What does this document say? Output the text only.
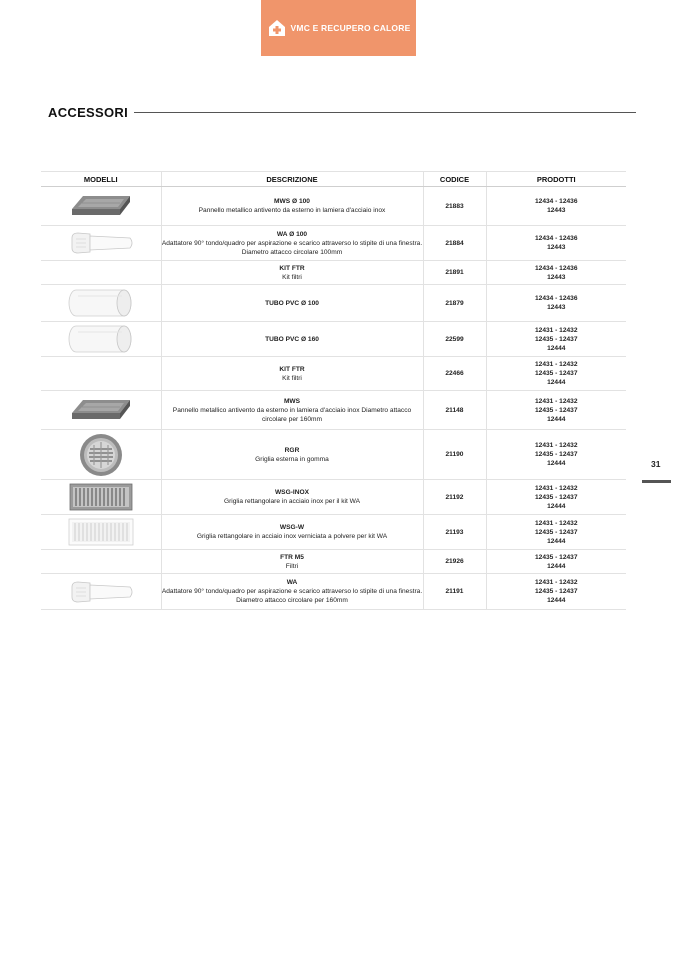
VMC E RECUPERO CALORE
ACCESSORI
MODELLI	DESCRIZIONE	CODICE	PRODOTTI

MWS Ø 100
Pannello metallico antivento da esterno in lamiera d'acciaio inox	21883	12434 - 12436
12443

WA Ø 100
Adattatore 90° tondo/quadro per aspirazione e scarico attraverso lo stipite di una finestra. Diametro attacco circolare 100mm	21884	12434 - 12436
12443

	KIT FTR
Kit filtri	21891	12434 - 12436
12443

TUBO PVC Ø 100	21879	12434 - 12436
12443

TUBO PVC Ø 160	22599	12431 - 12432
12435 - 12437
12444

	KIT FTR
Kit filtri	22466	12431 - 12432
12435 - 12437
12444

MWS
Pannello metallico antivento da esterno in lamiera d'acciaio inox Diametro attacco circolare per 160mm	21148	12431 - 12432
12435 - 12437
12444

RGR
Griglia esterna in gomma	21190	12431 - 12432
12435 - 12437
12444

WSG-INOX
Griglia rettangolare in acciaio inox per il kit WA	21192	12431 - 12432
12435 - 12437
12444

WSG-W
Griglia rettangolare in acciaio inox verniciata a polvere per kit WA	21193	12431 - 12432
12435 - 12437
12444

	FTR M5
Filtri	21926	12435 - 12437
12444

WA
Adattatore 90° tondo/quadro per aspirazione e scarico attraverso lo stipite di una finestra. Diametro attacco circolare per 160mm	21191	12431 - 12432
12435 - 12437
12444
31
